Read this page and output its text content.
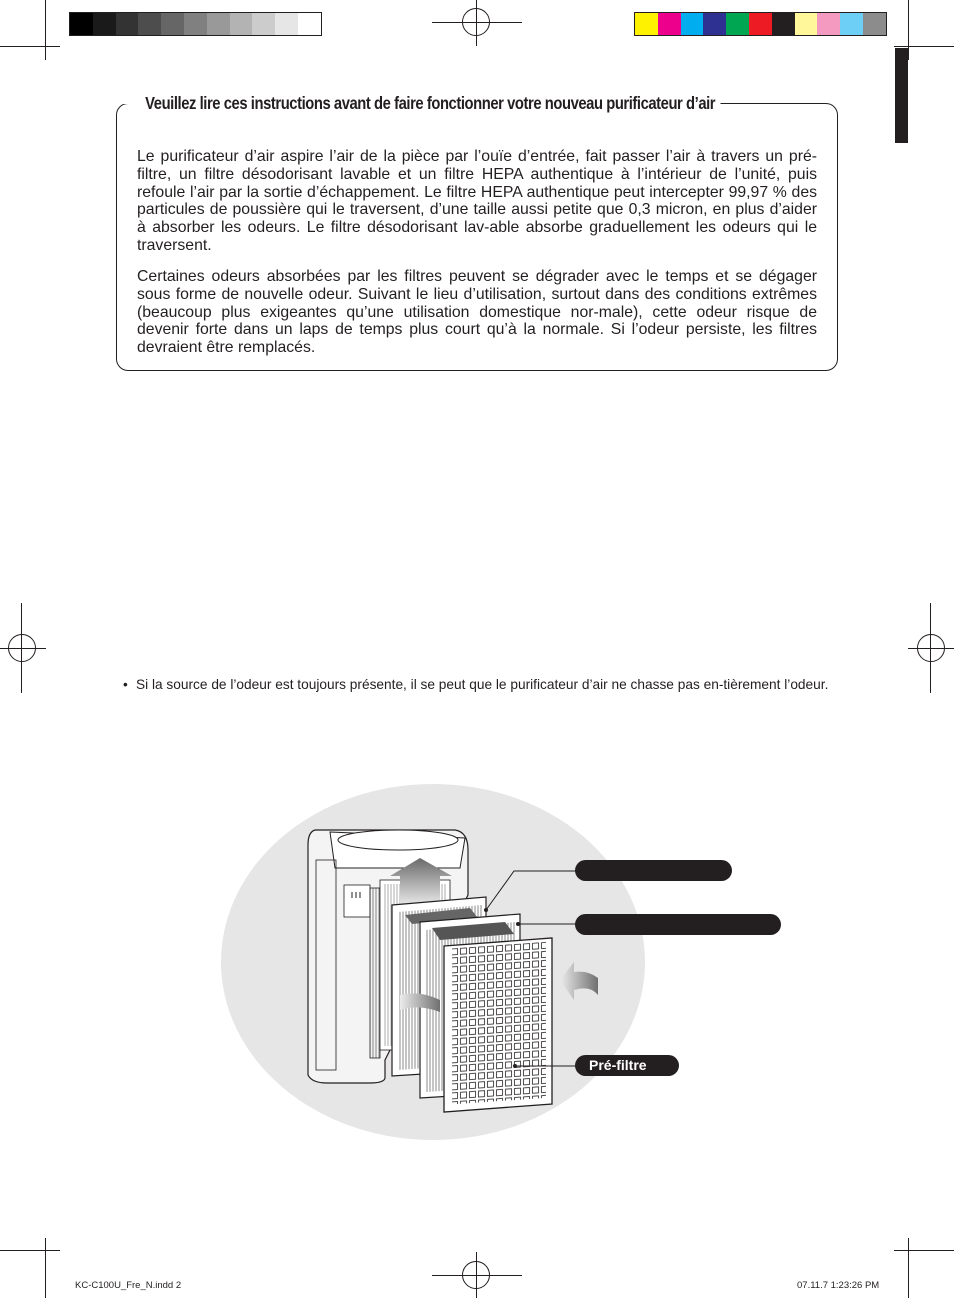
Veuillez lire ces instructions avant de faire fonctionner votre nouveau purificateur d’air

Le purificateur d’air aspire l’air de la pièce par l’ouïe d’entrée, fait passer l’air à travers un pré-filtre, un filtre désodorisant lavable et un filtre HEPA authentique à l’intérieur de l’unité, puis refoule l’air par la sortie d’échappement. Le filtre HEPA authentique peut intercepter 99,97 % des particules de poussière qui le traversent, d’une taille aussi petite que 0,3 micron, en plus d’aider à absorber les odeurs. Le filtre désodorisant lav-able absorbe graduellement les odeurs qui le traversent.

Certaines odeurs absorbées par les filtres peuvent se dégrader avec le temps et se dégager sous forme de nouvelle odeur. Suivant le lieu d’utilisation, surtout dans des conditions extrêmes (beaucoup plus exigeantes qu’une utilisation domestique nor-male), cette odeur risque de devenir forte dans un laps de temps plus court qu’à la normale. Si l’odeur persiste, les filtres devraient être remplacés.

• Si la source de l’odeur est toujours présente, il se peut que le purificateur d’air ne chasse pas en-tièrement l’odeur.
Pré-filtre
KC-C100U_Fre_N.indd 2	07.11.7 1:23:26 PM
